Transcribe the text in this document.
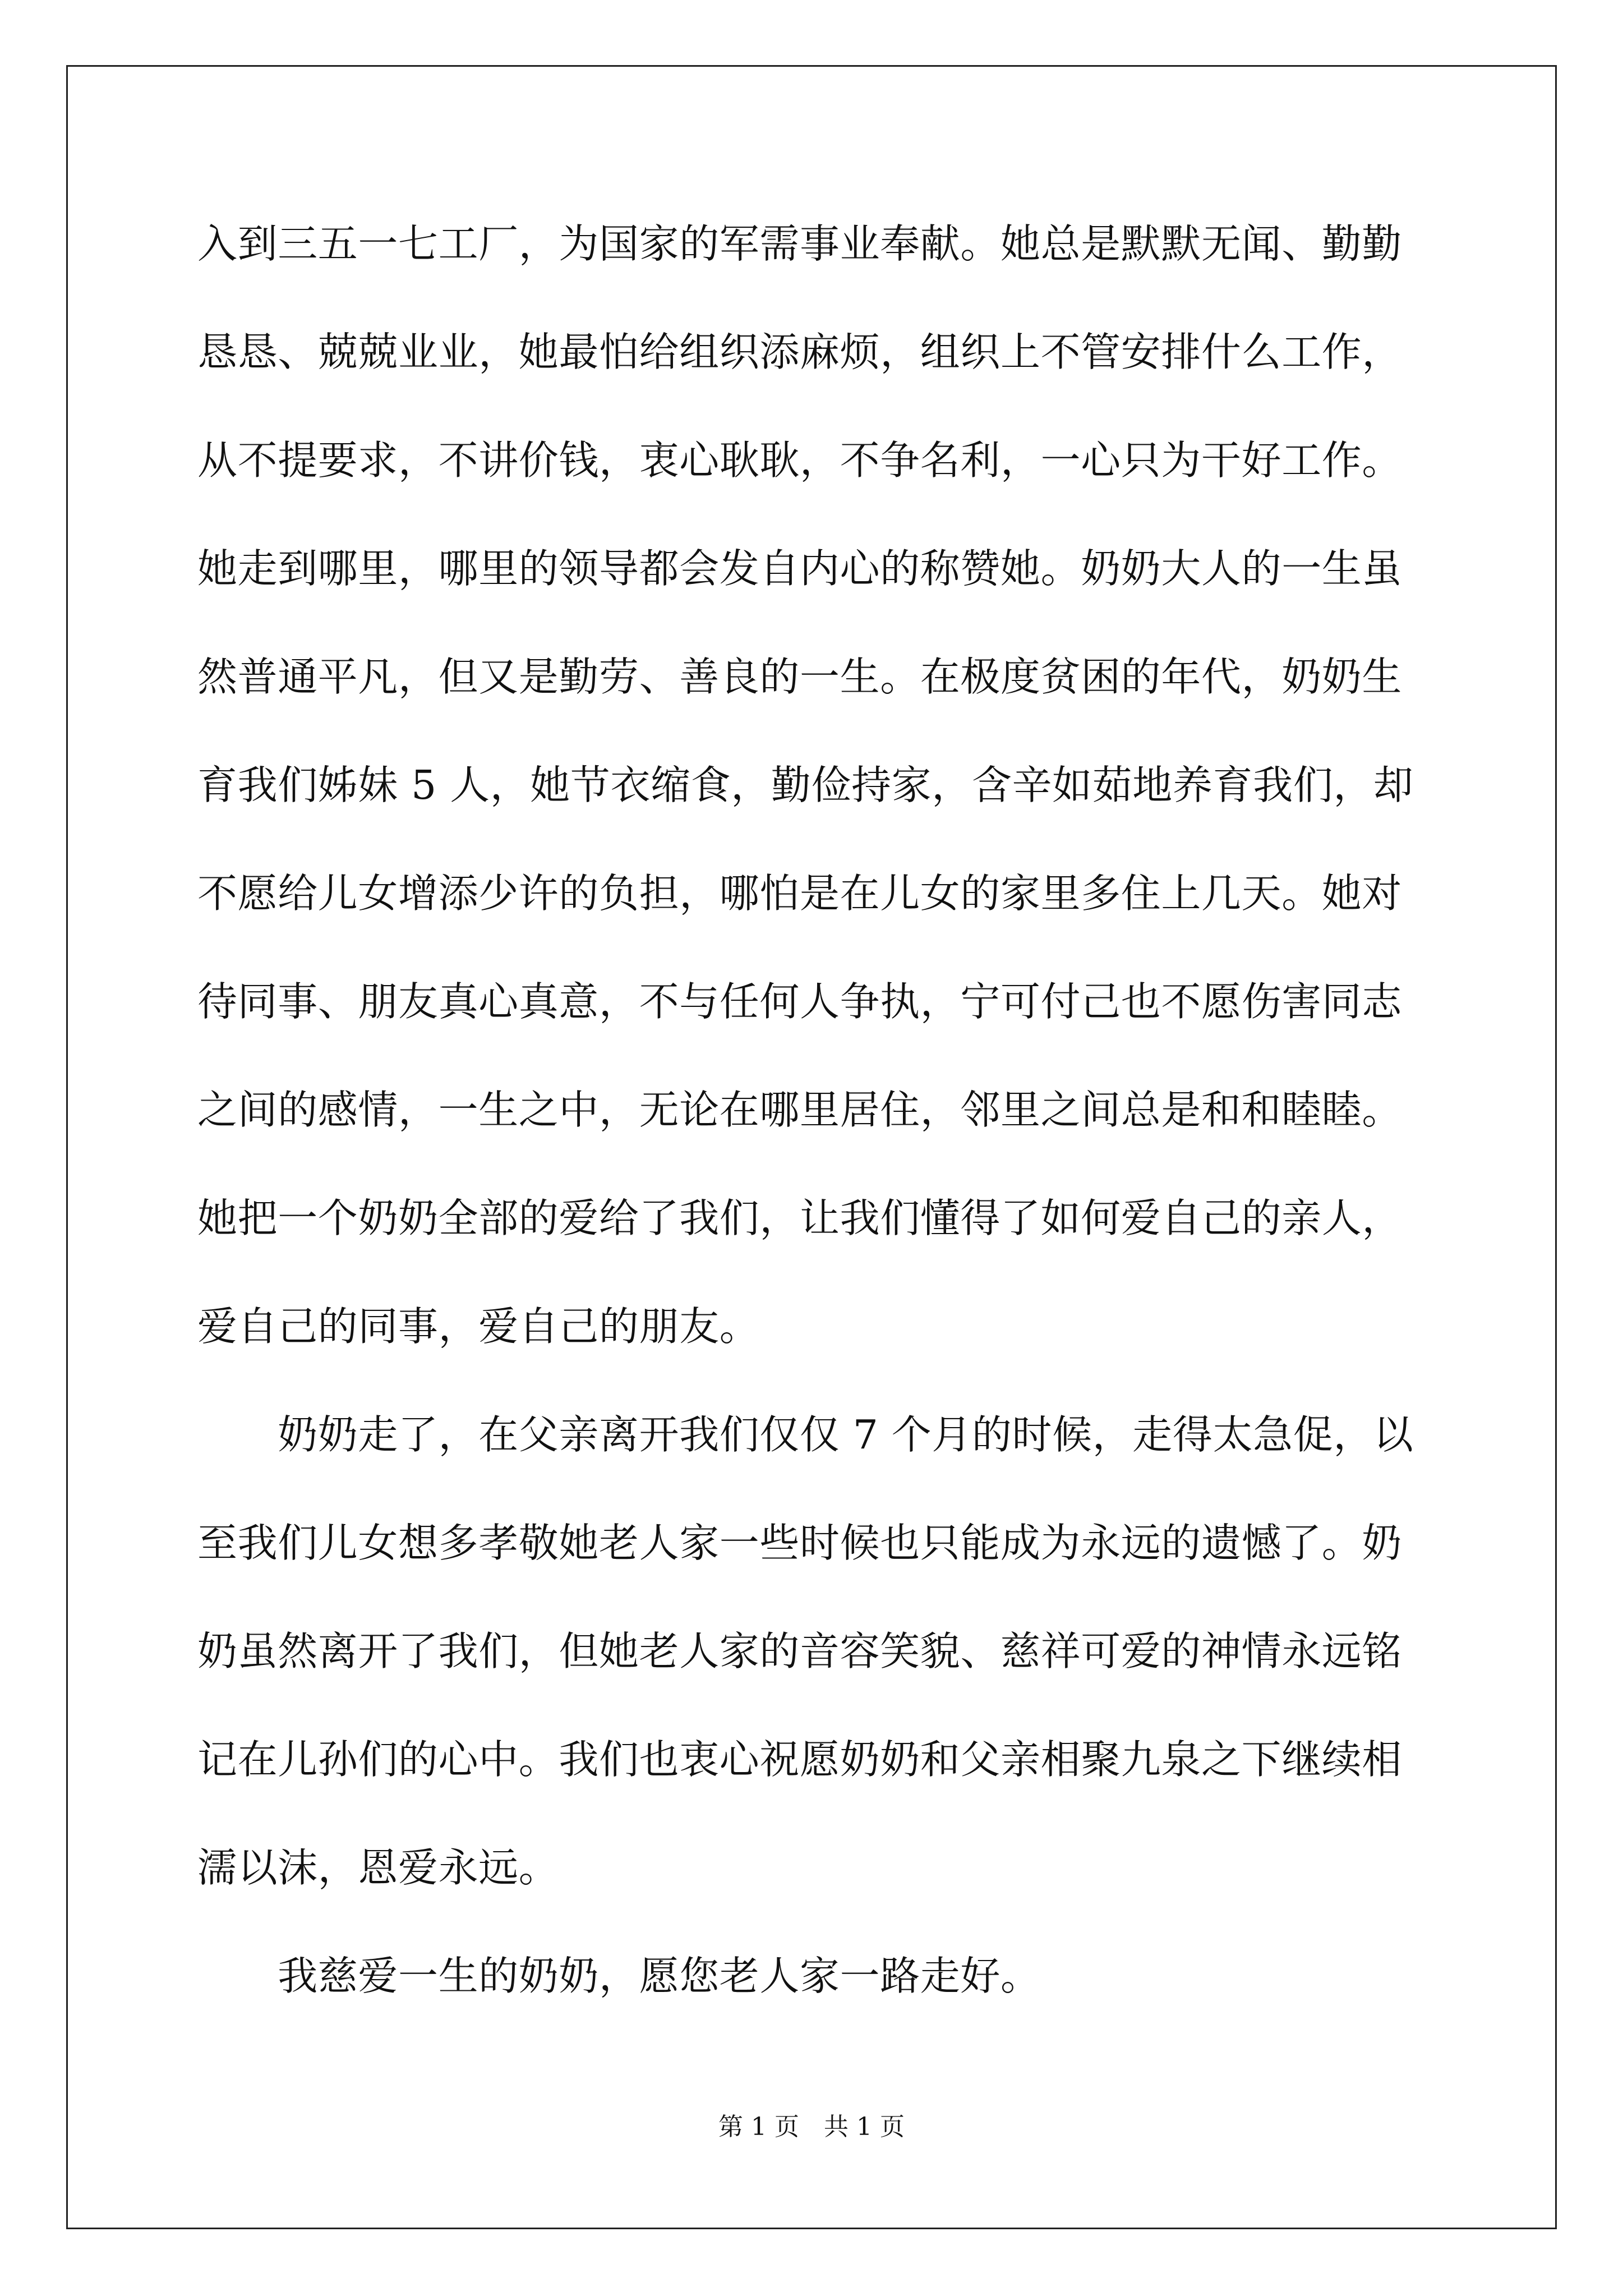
入到三五一七工厂，为国家的军需事业奉献。她总是默默无闻、勤勤
恳恳、兢兢业业，她最怕给组织添麻烦，组织上不管安排什么工作，
从不提要求，不讲价钱，衷心耿耿，不争名利，一心只为干好工作。
她走到哪里，哪里的领导都会发自内心的称赞她。奶奶大人的一生虽
然普通平凡，但又是勤劳、善良的一生。在极度贫困的年代，奶奶生
育我们姊妹 5 人，她节衣缩食，勤俭持家，含辛如茹地养育我们，却
不愿给儿女增添少许的负担，哪怕是在儿女的家里多住上几天。她对
待同事、朋友真心真意，不与任何人争执，宁可付己也不愿伤害同志
之间的感情，一生之中，无论在哪里居住，邻里之间总是和和睦睦。
她把一个奶奶全部的爱给了我们，让我们懂得了如何爱自己的亲人，
爱自己的同事，爱自己的朋友。
　　奶奶走了，在父亲离开我们仅仅 7 个月的时候，走得太急促，以
至我们儿女想多孝敬她老人家一些时候也只能成为永远的遗憾了。奶
奶虽然离开了我们，但她老人家的音容笑貌、慈祥可爱的神情永远铭
记在儿孙们的心中。我们也衷心祝愿奶奶和父亲相聚九泉之下继续相
濡以沫，恩爱永远。
　　我慈爱一生的奶奶，愿您老人家一路走好。
第 1 页　共 1 页
